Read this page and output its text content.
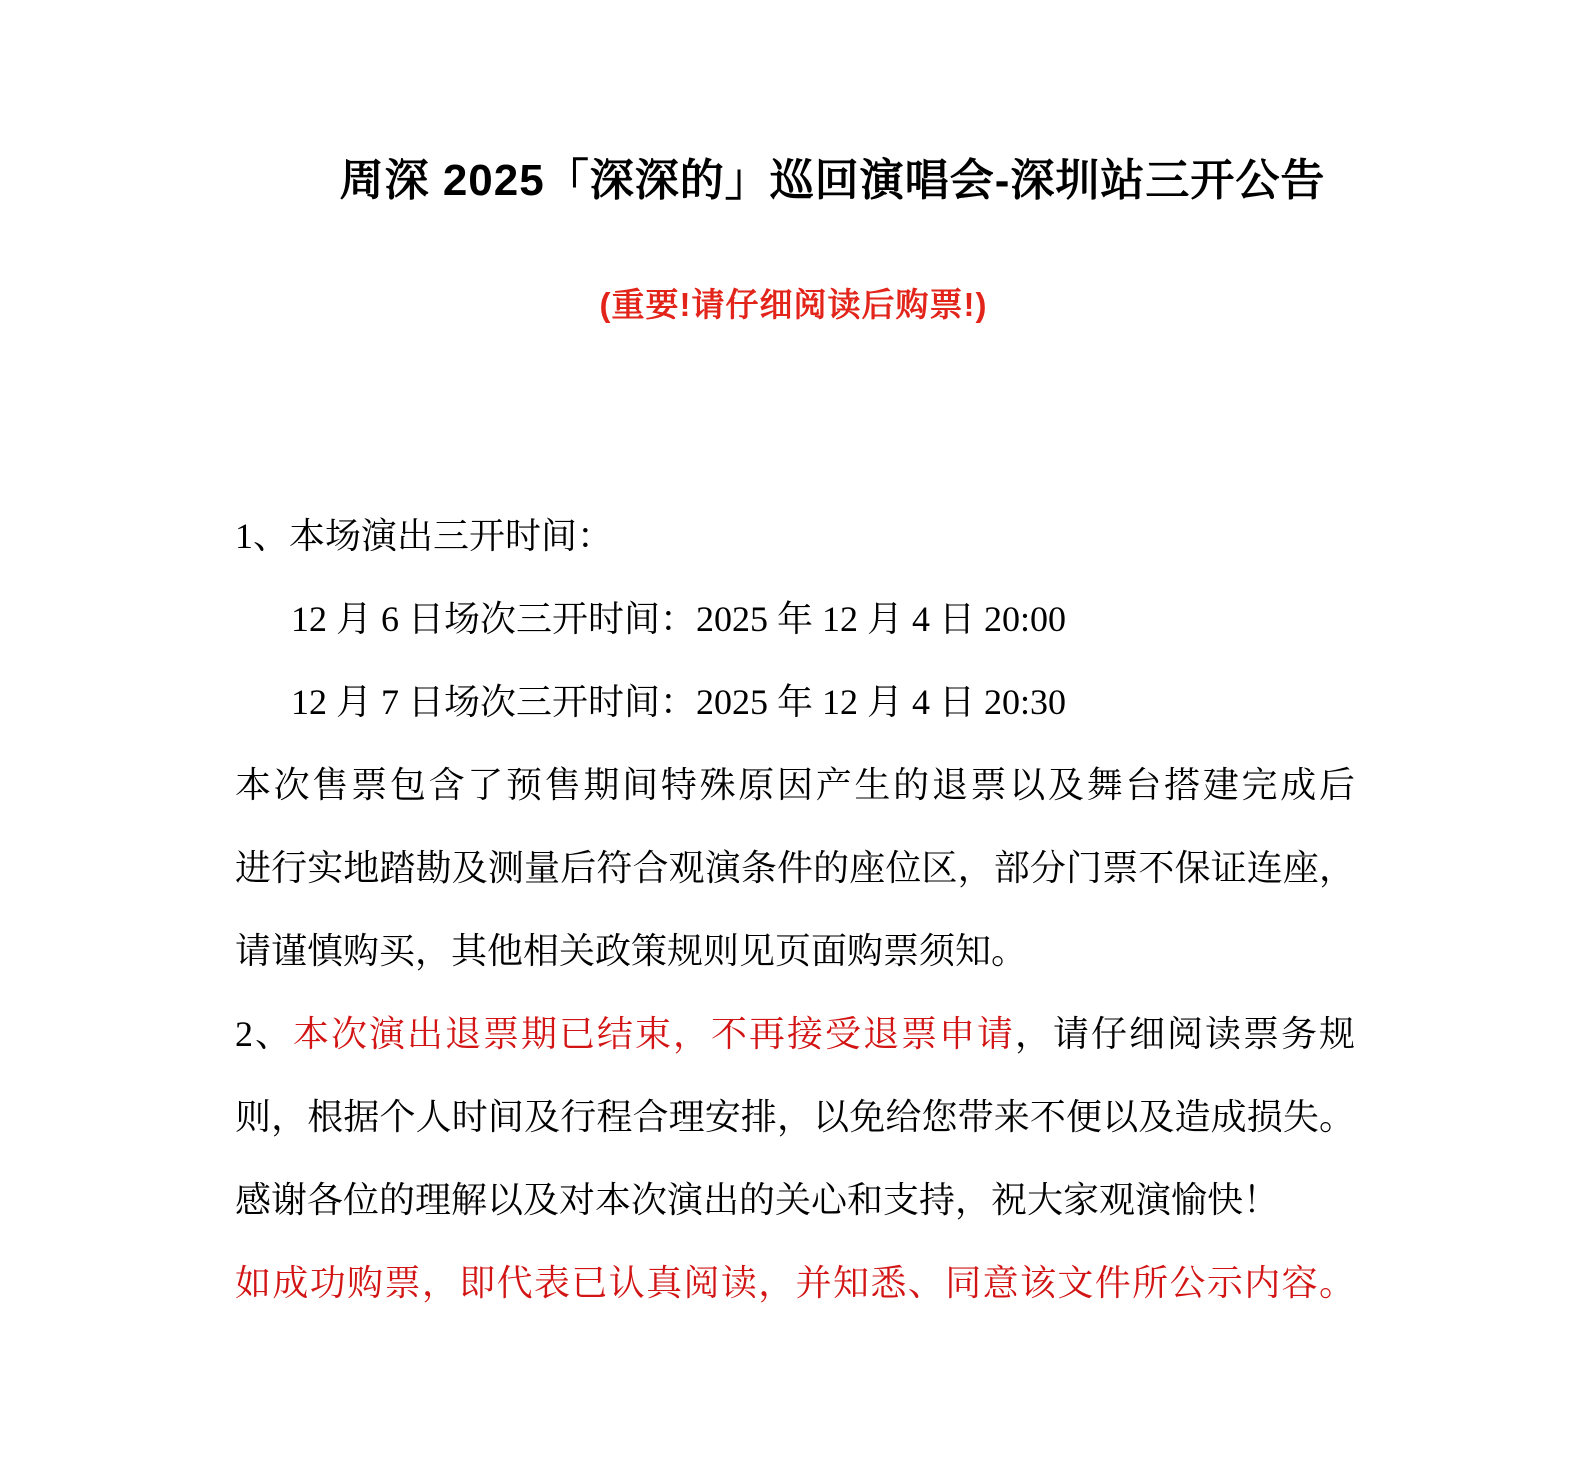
周深 2025「深深的」巡回演唱会-深圳站三开公告
(重要!请仔细阅读后购票!)
1、本场演出三开时间：
12 月 6 日场次三开时间：2025 年 12 月 4 日 20:00
12 月 7 日场次三开时间：2025 年 12 月 4 日 20:30
本次售票包含了预售期间特殊原因产生的退票以及舞台搭建完成后
进行实地踏勘及测量后符合观演条件的座位区，部分门票不保证连座，
请谨慎购买，其他相关政策规则见页面购票须知。
2、本次演出退票期已结束，不再接受退票申请，请仔细阅读票务规
则，根据个人时间及行程合理安排，以免给您带来不便以及造成损失。
感谢各位的理解以及对本次演出的关心和支持，祝大家观演愉快！
如成功购票，即代表已认真阅读，并知悉、同意该文件所公示内容。
